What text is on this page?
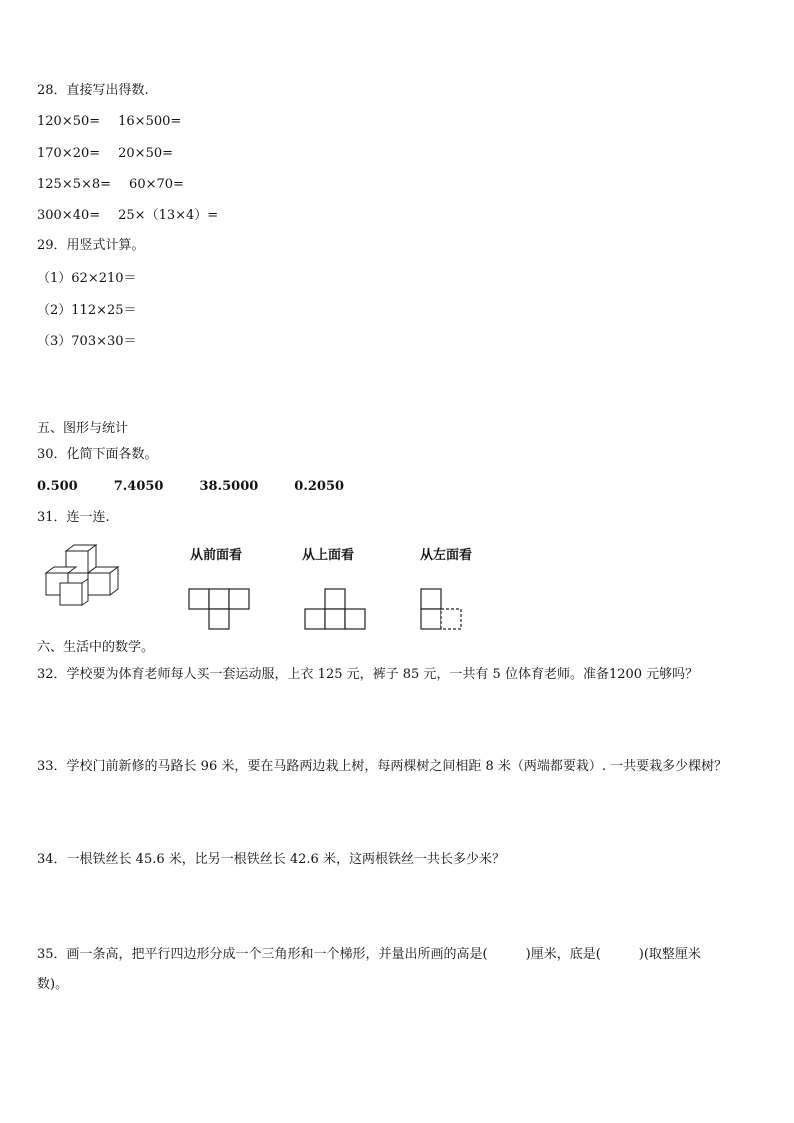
28．直接写出得数.
120×50= 16×500=
170×20= 20×50=
125×5×8= 60×70=
300×40= 25×（13×4）=
29．用竖式计算。
（1）62×210＝
（2）112×25＝
（3）703×30＝
五、图形与统计
30．化简下面各数。
0.500	7.4050	38.5000	0.2050
31．连一连.
从前面看	从上面看	从左面看
六、生活中的数学。
32．学校要为体育老师每人买一套运动服，上衣 125 元，裤子 85 元，一共有 5 位体育老师。准备1200 元够吗？
33．学校门前新修的马路长 96 米，要在马路两边栽上树，每两棵树之间相距 8 米（两端都要栽）. 一共要栽多少棵树？
34．一根铁丝长 45.6 米，比另一根铁丝长 42.6 米，这两根铁丝一共长多少米？
35．画一条高，把平行四边形分成一个三角形和一个梯形，并量出所画的高是(	)厘米，底是(	)(取整厘米
数)。
